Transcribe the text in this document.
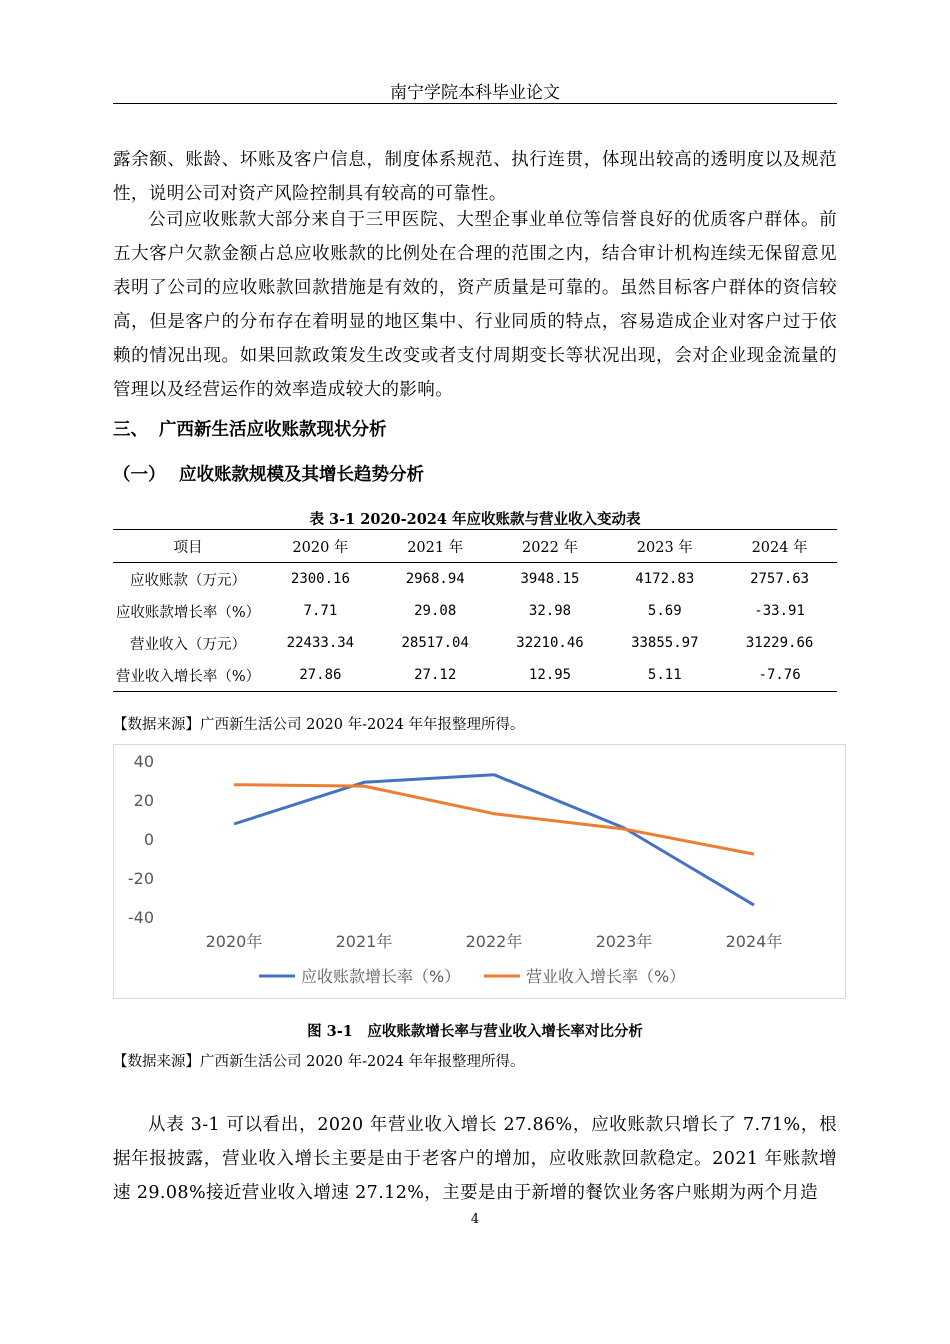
南宁学院本科毕业论文

露余额、账龄、坏账及客户信息，制度体系规范、执行连贯，体现出较高的透明度以及规范性，说明公司对资产风险控制具有较高的可靠性。

公司应收账款大部分来自于三甲医院、大型企事业单位等信誉良好的优质客户群体。前五大客户欠款金额占总应收账款的比例处在合理的范围之内，结合审计机构连续无保留意见表明了公司的应收账款回款措施是有效的，资产质量是可靠的。虽然目标客户群体的资信较高，但是客户的分布存在着明显的地区集中、行业同质的特点，容易造成企业对客户过于依赖的情况出现。如果回款政策发生改变或者支付周期变长等状况出现，会对企业现金流量的管理以及经营运作的效率造成较大的影响。

三、 广西新生活应收账款现状分析
（一） 应收账款规模及其增长趋势分析
表 3-1 2020-2024 年应收账款与营业收入变动表
项目	2020 年	2021 年	2022 年	2023 年	2024 年
应收账款（万元）	2300.16	2968.94	3948.15	4172.83	2757.63
应收账款增长率（%）	7.71	29.08	32.98	5.69	-33.91
营业收入（万元）	22433.34	28517.04	32210.46	33855.97	31229.66
营业收入增长率（%）	27.86	27.12	12.95	5.11	-7.76
【数据来源】广西新生活公司 2020 年-2024 年年报整理所得。
40
20
0
-20
-40
2020年	2021年	2022年	2023年	2024年
应收账款增长率（%）	营业收入增长率（%）
图 3-1　应收账款增长率与营业收入增长率对比分析
【数据来源】广西新生活公司 2020 年-2024 年年报整理所得。

从表 3-1 可以看出，2020 年营业收入增长 27.86%，应收账款只增长了 7.71%，根据年报披露，营业收入增长主要是由于老客户的增加，应收账款回款稳定。2021 年账款增速 29.08%接近营业收入增速 27.12%，主要是由于新增的餐饮业务客户账期为两个月造

4
